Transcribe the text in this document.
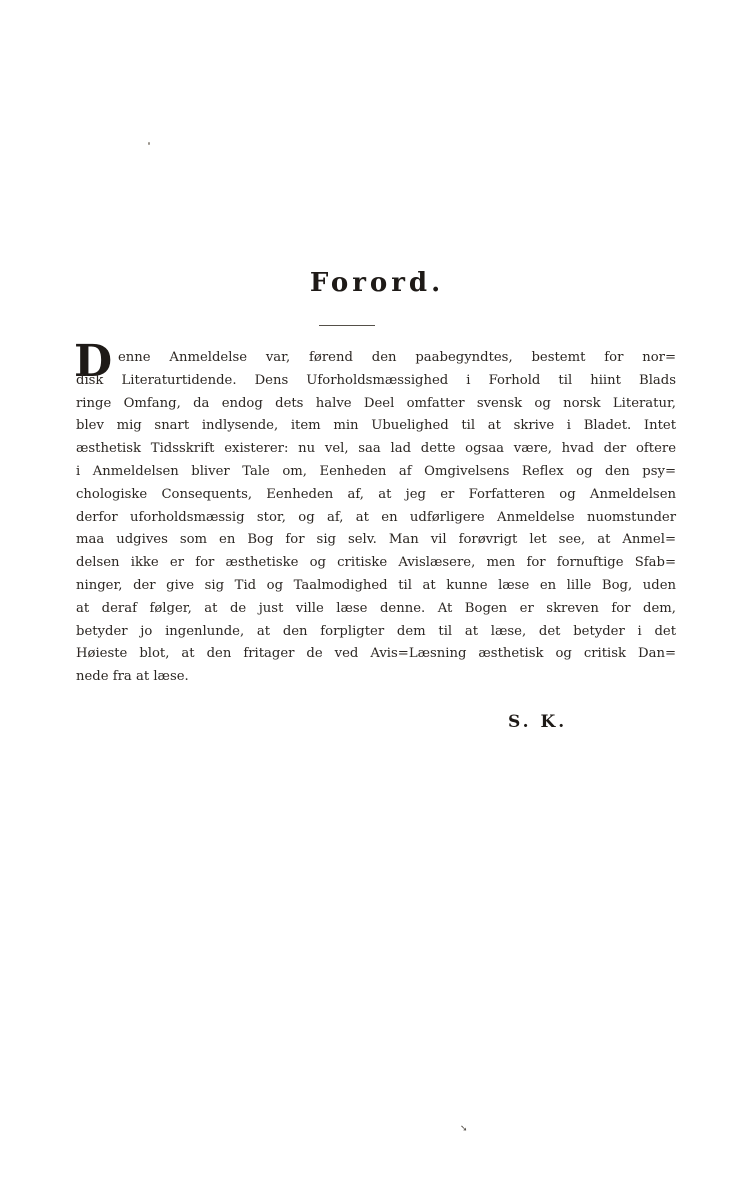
Forord.
D enne Anmeldelse var, førend den paabegyndtes, bestemt for nor=
disk Literaturtidende. Dens Uforholdsmæssighed i Forhold til hiint Blads
ringe Omfang, da endog dets halve Deel omfatter svensk og norsk Literatur,
blev mig snart indlysende, item min Ubuelighed til at skrive i Bladet. Intet
æsthetisk Tidsskrift existerer: nu vel, saa lad dette ogsaa være, hvad der oftere
i Anmeldelsen bliver Tale om, Eenheden af Omgivelsens Reflex og den psy=
chologiske Consequents, Eenheden af, at jeg er Forfatteren og Anmeldelsen
derfor uforholdsmæssig stor, og af, at en udførligere Anmeldelse nuomstunder
maa udgives som en Bog for sig selv. Man vil forøvrigt let see, at Anmel=
delsen ikke er for æsthetiske og critiske Avislæsere, men for fornuftige Sfab=
ninger, der give sig Tid og Taalmodighed til at kunne læse en lille Bog, uden
at deraf følger, at de just ville læse denne. At Bogen er skreven for dem,
betyder jo ingenlunde, at den forpligter dem til at læse, det betyder i det
Høieste blot, at den fritager de ved Avis=Læsning æsthetisk og critisk Dan=
nede fra at læse.
S. K.
➘
